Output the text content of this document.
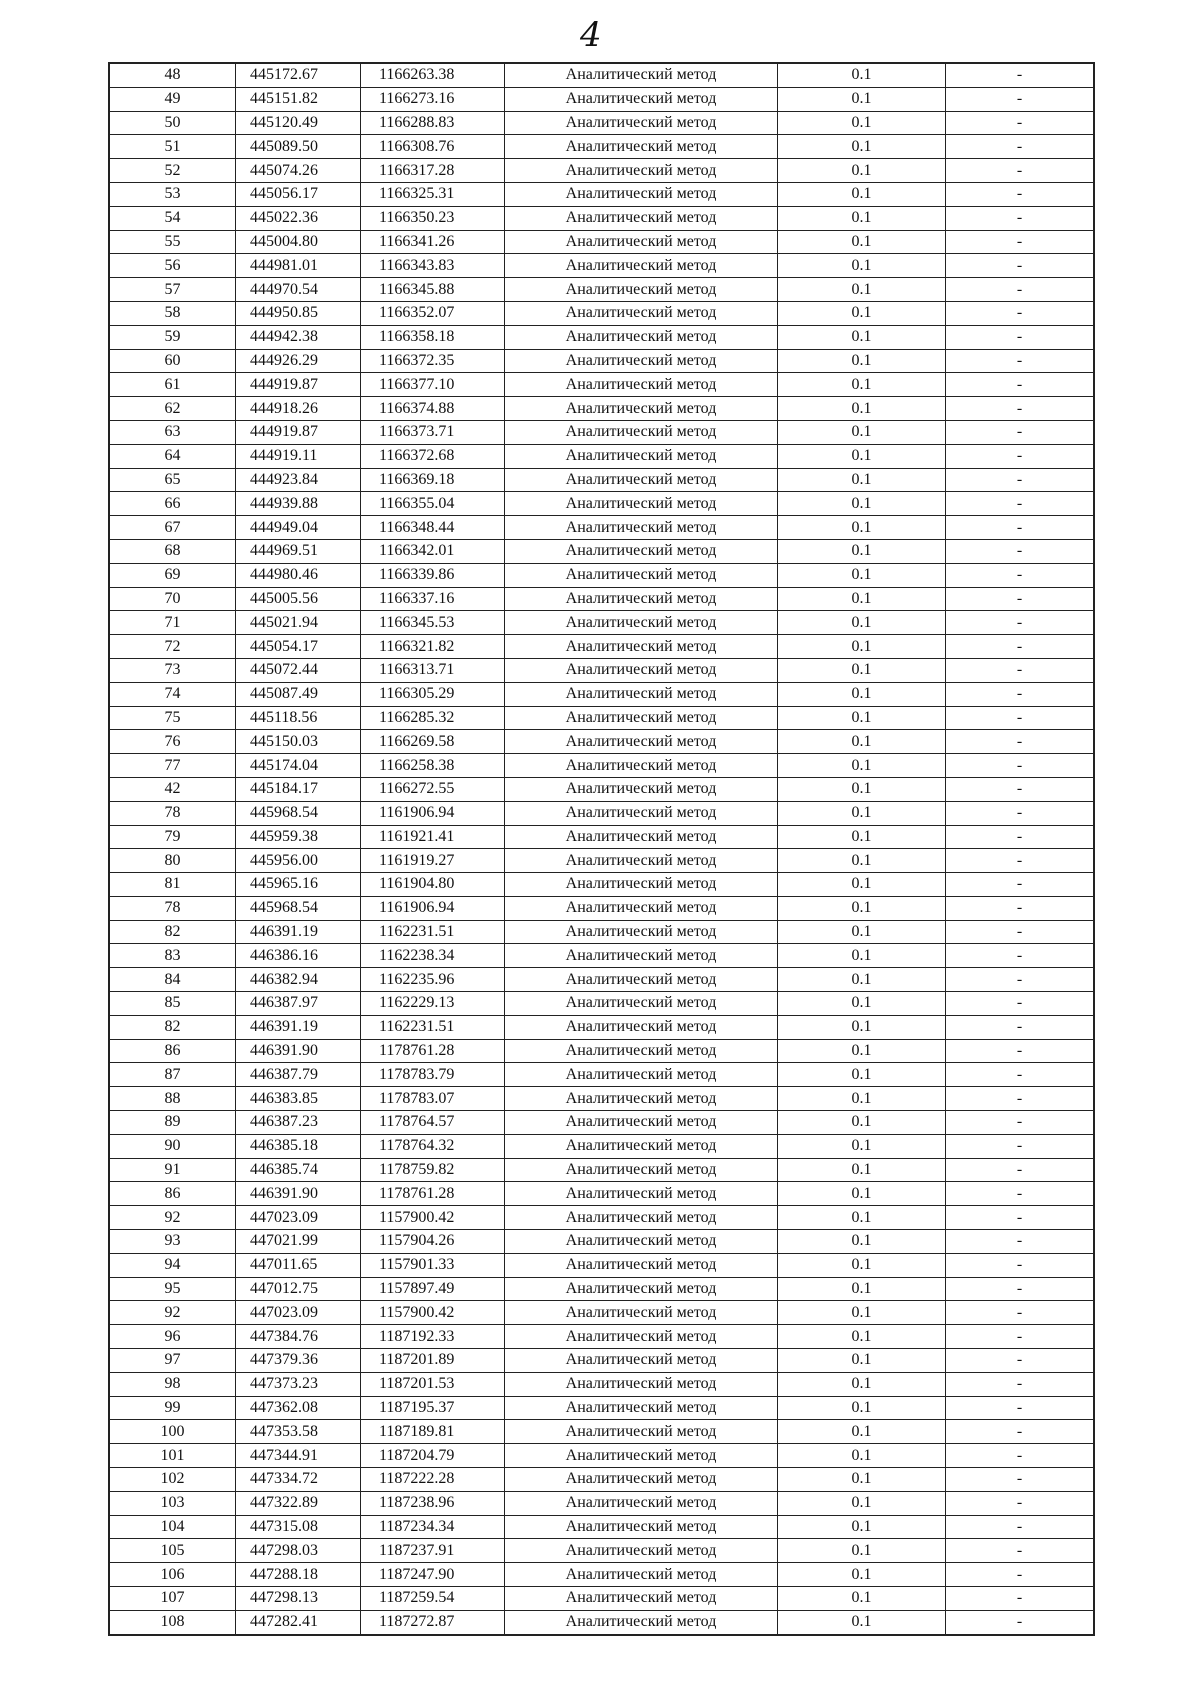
4
48	445172.67	1166263.38	Аналитический метод	0.1	-
49	445151.82	1166273.16	Аналитический метод	0.1	-
50	445120.49	1166288.83	Аналитический метод	0.1	-
51	445089.50	1166308.76	Аналитический метод	0.1	-
52	445074.26	1166317.28	Аналитический метод	0.1	-
53	445056.17	1166325.31	Аналитический метод	0.1	-
54	445022.36	1166350.23	Аналитический метод	0.1	-
55	445004.80	1166341.26	Аналитический метод	0.1	-
56	444981.01	1166343.83	Аналитический метод	0.1	-
57	444970.54	1166345.88	Аналитический метод	0.1	-
58	444950.85	1166352.07	Аналитический метод	0.1	-
59	444942.38	1166358.18	Аналитический метод	0.1	-
60	444926.29	1166372.35	Аналитический метод	0.1	-
61	444919.87	1166377.10	Аналитический метод	0.1	-
62	444918.26	1166374.88	Аналитический метод	0.1	-
63	444919.87	1166373.71	Аналитический метод	0.1	-
64	444919.11	1166372.68	Аналитический метод	0.1	-
65	444923.84	1166369.18	Аналитический метод	0.1	-
66	444939.88	1166355.04	Аналитический метод	0.1	-
67	444949.04	1166348.44	Аналитический метод	0.1	-
68	444969.51	1166342.01	Аналитический метод	0.1	-
69	444980.46	1166339.86	Аналитический метод	0.1	-
70	445005.56	1166337.16	Аналитический метод	0.1	-
71	445021.94	1166345.53	Аналитический метод	0.1	-
72	445054.17	1166321.82	Аналитический метод	0.1	-
73	445072.44	1166313.71	Аналитический метод	0.1	-
74	445087.49	1166305.29	Аналитический метод	0.1	-
75	445118.56	1166285.32	Аналитический метод	0.1	-
76	445150.03	1166269.58	Аналитический метод	0.1	-
77	445174.04	1166258.38	Аналитический метод	0.1	-
42	445184.17	1166272.55	Аналитический метод	0.1	-
78	445968.54	1161906.94	Аналитический метод	0.1	-
79	445959.38	1161921.41	Аналитический метод	0.1	-
80	445956.00	1161919.27	Аналитический метод	0.1	-
81	445965.16	1161904.80	Аналитический метод	0.1	-
78	445968.54	1161906.94	Аналитический метод	0.1	-
82	446391.19	1162231.51	Аналитический метод	0.1	-
83	446386.16	1162238.34	Аналитический метод	0.1	-
84	446382.94	1162235.96	Аналитический метод	0.1	-
85	446387.97	1162229.13	Аналитический метод	0.1	-
82	446391.19	1162231.51	Аналитический метод	0.1	-
86	446391.90	1178761.28	Аналитический метод	0.1	-
87	446387.79	1178783.79	Аналитический метод	0.1	-
88	446383.85	1178783.07	Аналитический метод	0.1	-
89	446387.23	1178764.57	Аналитический метод	0.1	-
90	446385.18	1178764.32	Аналитический метод	0.1	-
91	446385.74	1178759.82	Аналитический метод	0.1	-
86	446391.90	1178761.28	Аналитический метод	0.1	-
92	447023.09	1157900.42	Аналитический метод	0.1	-
93	447021.99	1157904.26	Аналитический метод	0.1	-
94	447011.65	1157901.33	Аналитический метод	0.1	-
95	447012.75	1157897.49	Аналитический метод	0.1	-
92	447023.09	1157900.42	Аналитический метод	0.1	-
96	447384.76	1187192.33	Аналитический метод	0.1	-
97	447379.36	1187201.89	Аналитический метод	0.1	-
98	447373.23	1187201.53	Аналитический метод	0.1	-
99	447362.08	1187195.37	Аналитический метод	0.1	-
100	447353.58	1187189.81	Аналитический метод	0.1	-
101	447344.91	1187204.79	Аналитический метод	0.1	-
102	447334.72	1187222.28	Аналитический метод	0.1	-
103	447322.89	1187238.96	Аналитический метод	0.1	-
104	447315.08	1187234.34	Аналитический метод	0.1	-
105	447298.03	1187237.91	Аналитический метод	0.1	-
106	447288.18	1187247.90	Аналитический метод	0.1	-
107	447298.13	1187259.54	Аналитический метод	0.1	-
108	447282.41	1187272.87	Аналитический метод	0.1	-
